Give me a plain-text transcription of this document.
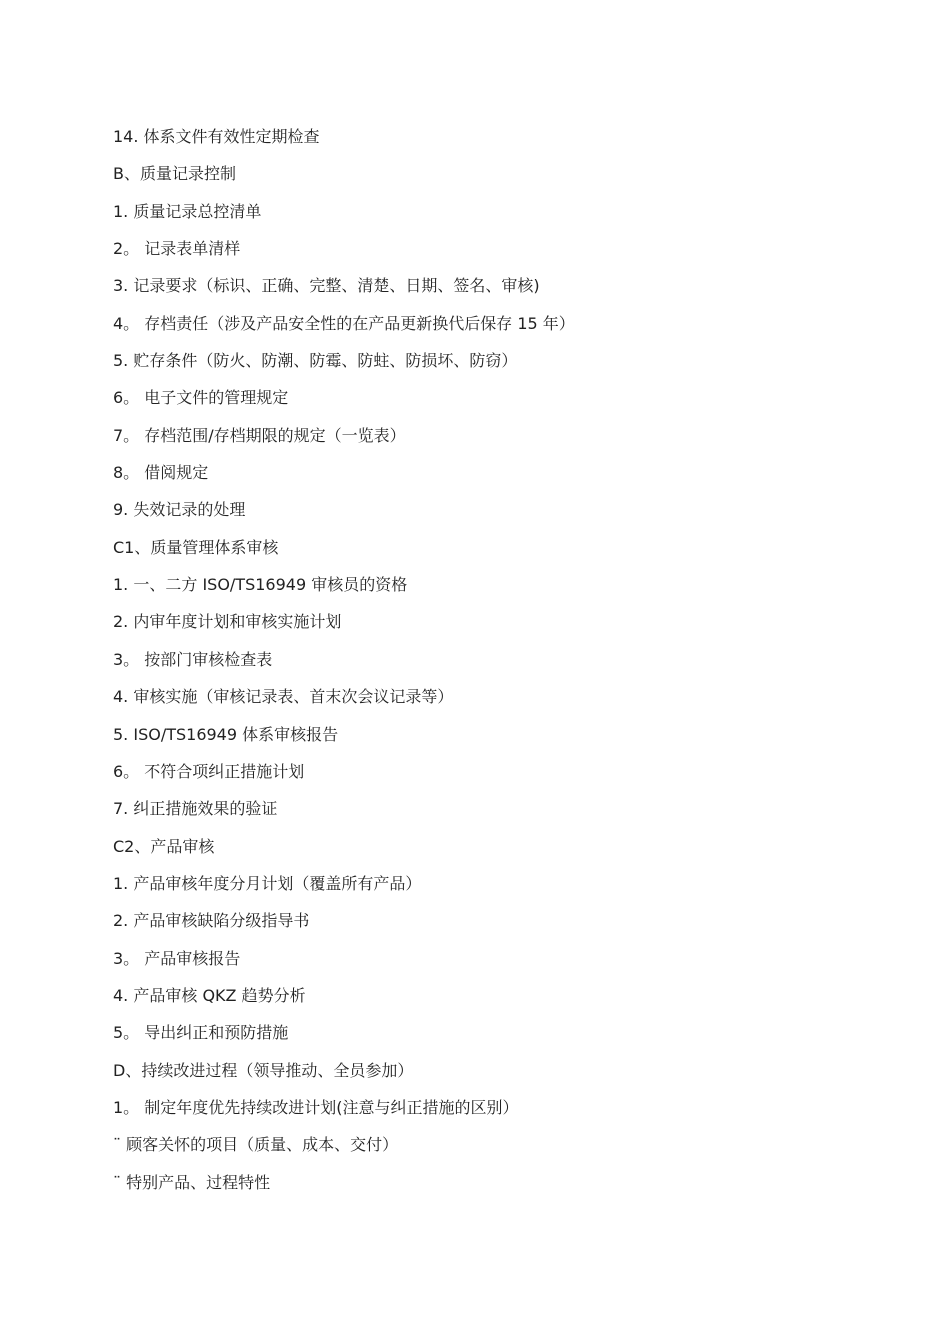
14. 体系文件有效性定期检查
B、质量记录控制
1. 质量记录总控清单
2。 记录表单清样
3. 记录要求（标识、正确、完整、清楚、日期、签名、审核)
4。 存档责任（涉及产品安全性的在产品更新换代后保存 15 年）
5. 贮存条件（防火、防潮、防霉、防蛀、防损坏、防窃）
6。 电子文件的管理规定
7。 存档范围/存档期限的规定（一览表）
8。 借阅规定
9. 失效记录的处理
C1、质量管理体系审核
1. 一、二方 ISO/TS16949 审核员的资格
2. 内审年度计划和审核实施计划
3。 按部门审核检查表
4. 审核实施（审核记录表、首末次会议记录等）
5. ISO/TS16949 体系审核报告
6。 不符合项纠正措施计划
7. 纠正措施效果的验证
C2、产品审核
1. 产品审核年度分月计划（覆盖所有产品）
2. 产品审核缺陷分级指导书
3。 产品审核报告
4. 产品审核 QKZ 趋势分析
5。 导出纠正和预防措施
D、持续改进过程（领导推动、全员参加）
1。 制定年度优先持续改进计划(注意与纠正措施的区别）
¨ 顾客关怀的项目（质量、成本、交付）
¨ 特别产品、过程特性
